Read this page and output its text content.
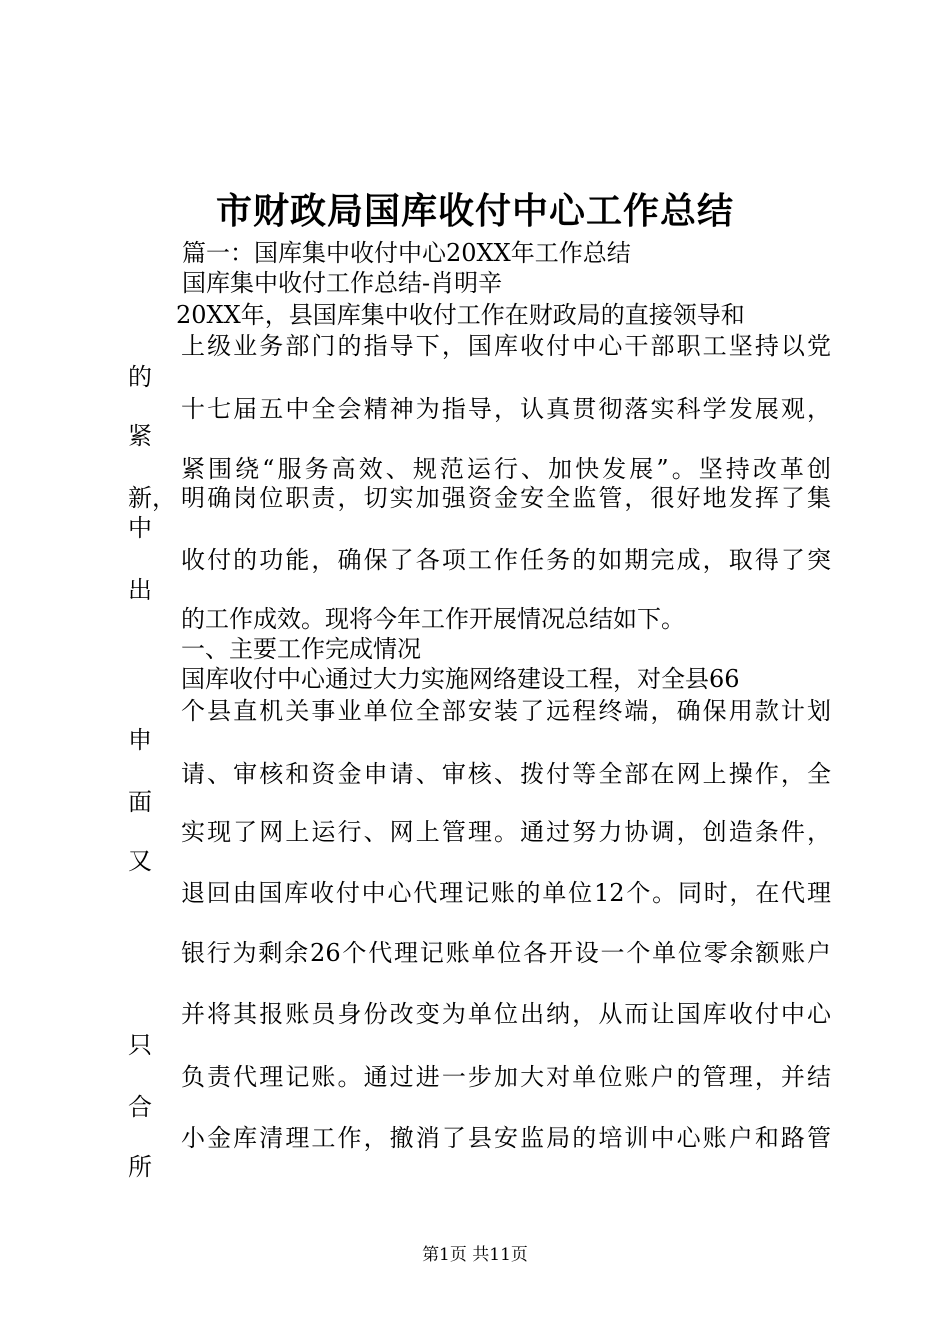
市财政局国库收付中心工作总结
篇一：国库集中收付中心20XX年工作总结
国库集中收付工作总结-肖明辛
20XX年，县国库集中收付工作在财政局的直接领导和
上级业务部门的指导下，国库收付中心干部职工坚持以党
的
十七届五中全会精神为指导，认真贯彻落实科学发展观，
紧
紧围绕“服务高效、规范运行、加快发展”。坚持改革创
新， 明确岗位职责，切实加强资金安全监管，很好地发挥了集
中
收付的功能，确保了各项工作任务的如期完成，取得了突
出
的工作成效。现将今年工作开展情况总结如下。
一、主要工作完成情况
国库收付中心通过大力实施网络建设工程，对全县66
个县直机关事业单位全部安装了远程终端，确保用款计划
申
请、审核和资金申请、审核、拨付等全部在网上操作，全
面
实现了网上运行、网上管理。通过努力协调，创造条件，
又
退回由国库收付中心代理记账的单位12个。同时，在代理
银行为剩余26个代理记账单位各开设一个单位零余额账户
并将其报账员身份改变为单位出纳，从而让国库收付中心
只
负责代理记账。通过进一步加大对单位账户的管理，并结
合
小金库清理工作，撤消了县安监局的培训中心账户和路管
所
第1页 共11页
